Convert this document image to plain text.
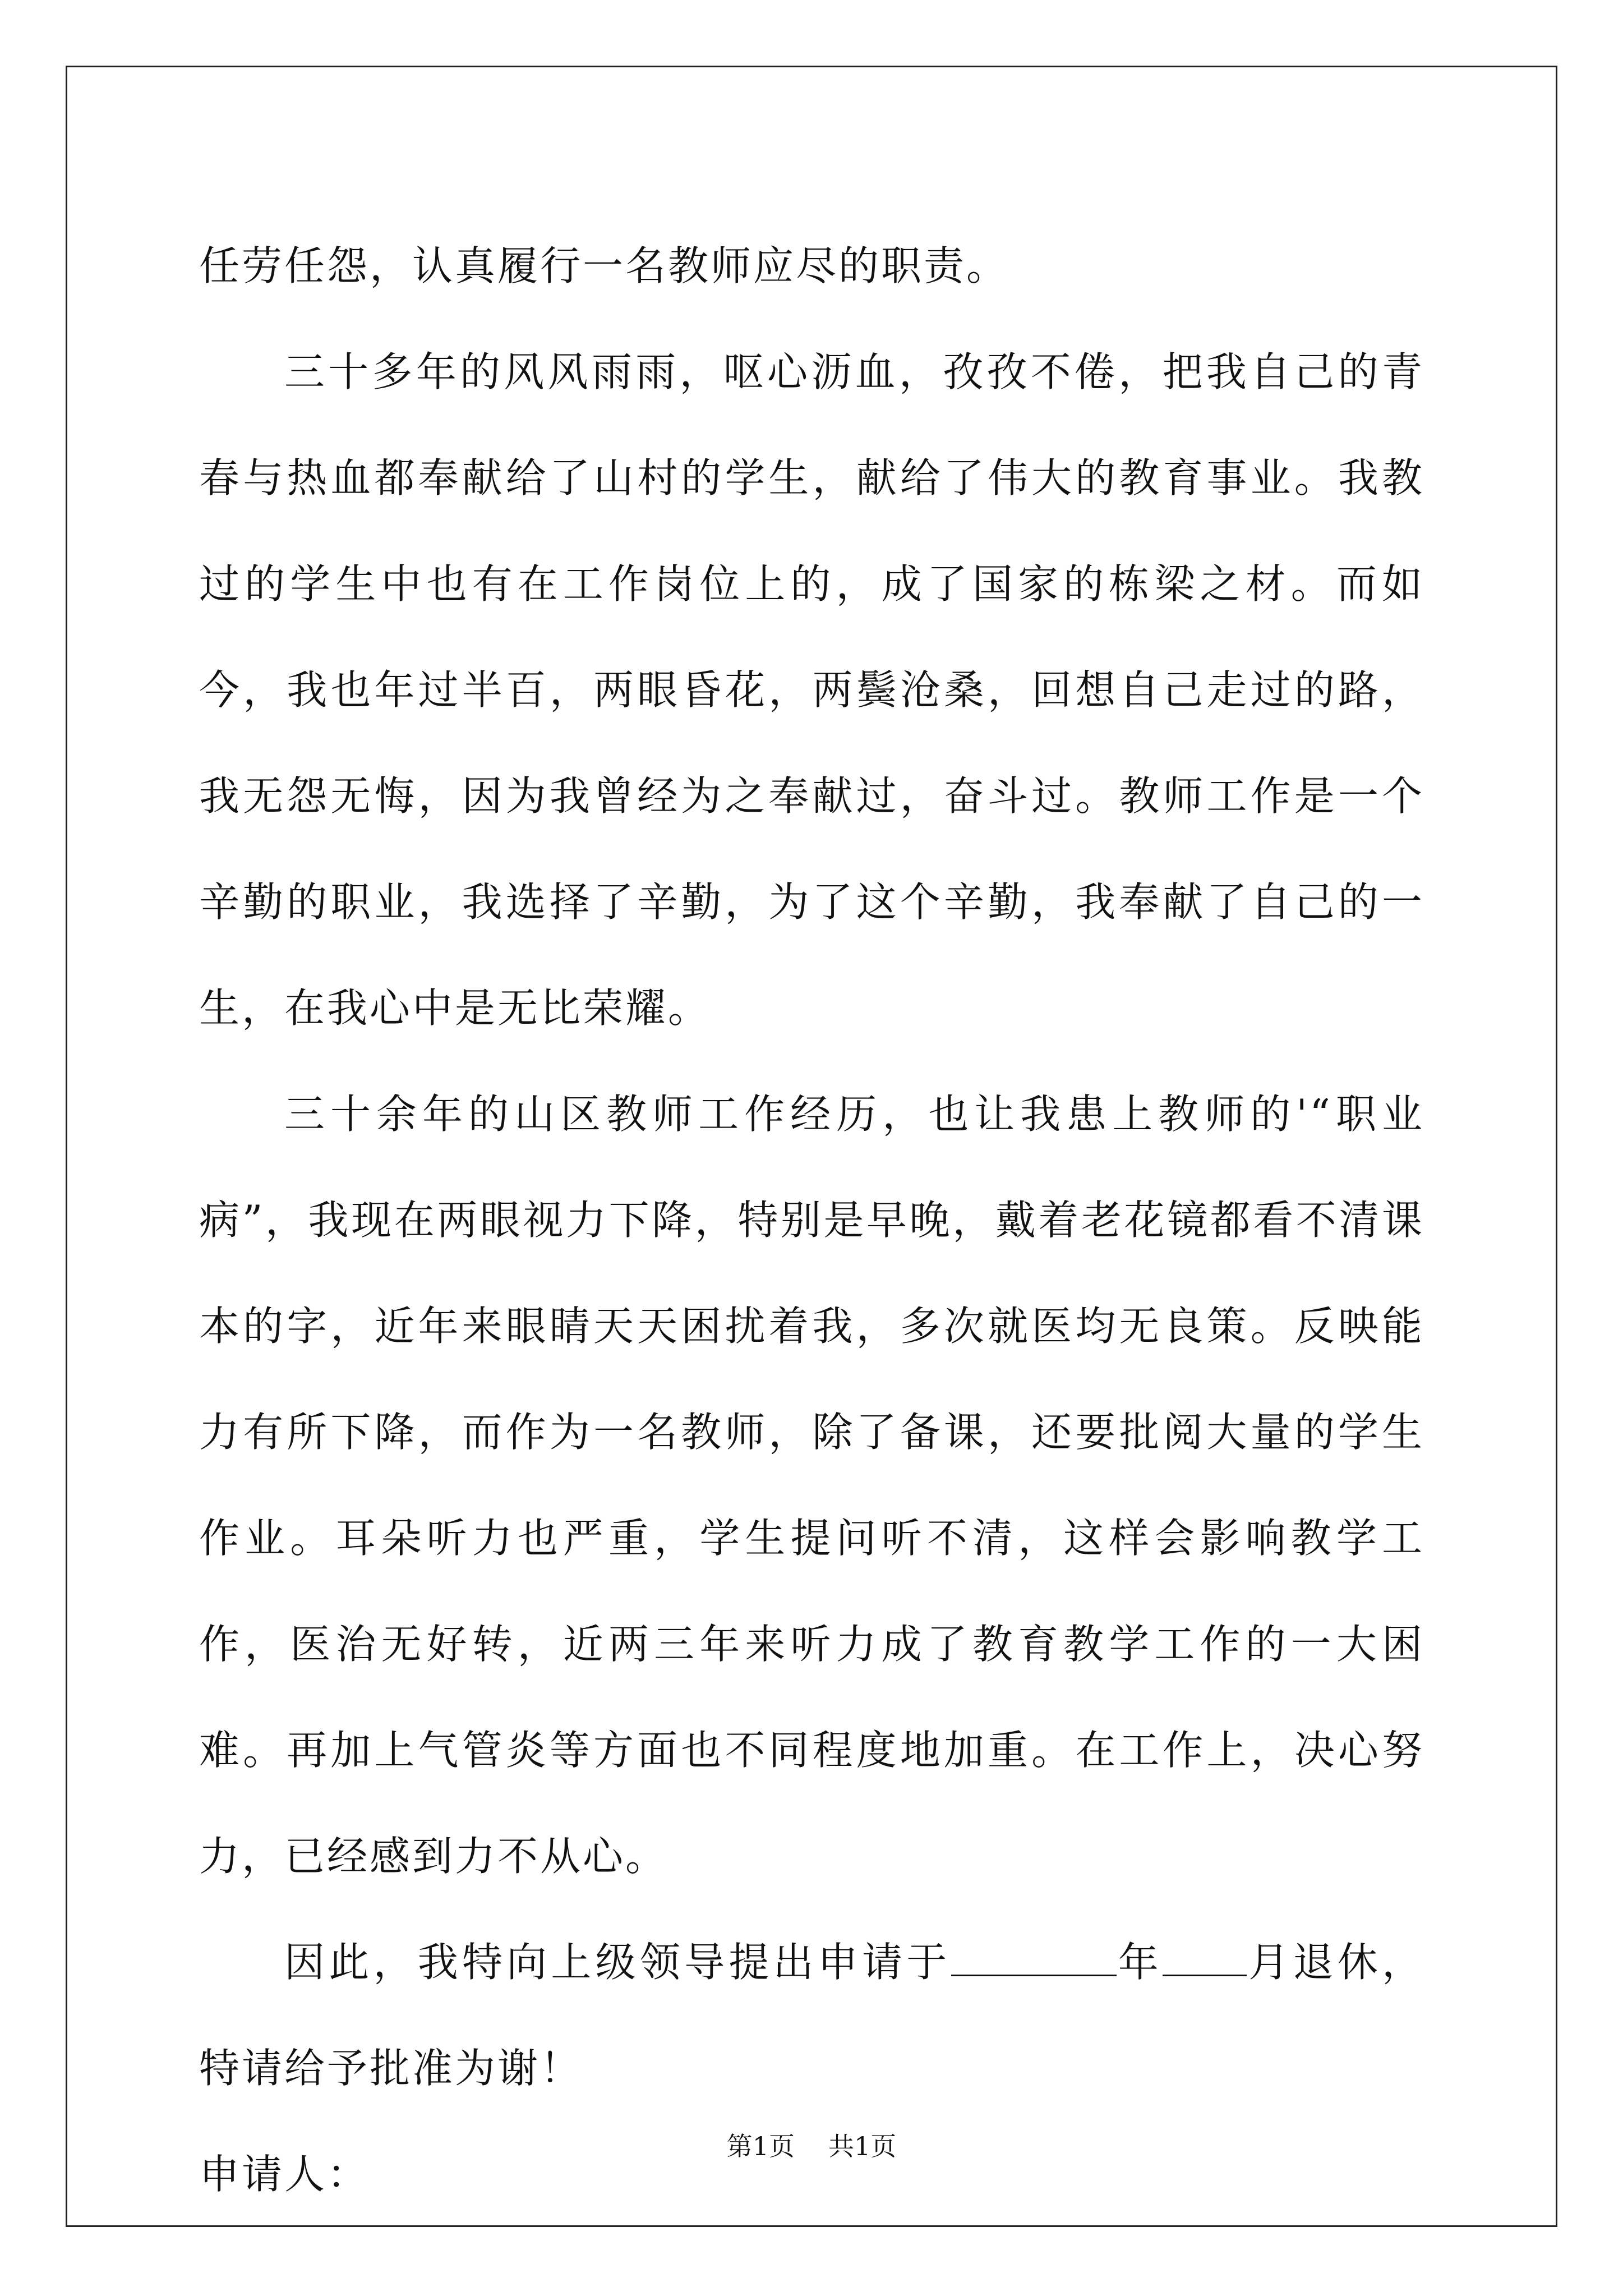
任劳任怨，认真履行一名教师应尽的职责。

三十多年的风风雨雨，呕心沥血，孜孜不倦，把我自己的青春与热血都奉献给了山村的学生，献给了伟大的教育事业。我教过的学生中也有在工作岗位上的，成了国家的栋梁之材。而如今，我也年过半百，两眼昏花，两鬓沧桑，回想自己走过的路，我无怨无悔，因为我曾经为之奉献过，奋斗过。教师工作是一个辛勤的职业，我选择了辛勤，为了这个辛勤，我奉献了自己的一生，在我心中是无比荣耀。

三十余年的山区教师工作经历，也让我患上教师的'“职业病”，我现在两眼视力下降，特别是早晚，戴着老花镜都看不清课本的字，近年来眼睛天天困扰着我，多次就医均无良策。反映能力有所下降，而作为一名教师，除了备课，还要批阅大量的学生作业。耳朵听力也严重，学生提问听不清，这样会影响教学工作，医治无好转，近两三年来听力成了教育教学工作的一大困难。再加上气管炎等方面也不同程度地加重。在工作上，决心努力，已经感到力不从心。

因此，我特向上级领导提出申请于	年 月退休，特请给予批准为谢！

申请人：

第1页 共1页
